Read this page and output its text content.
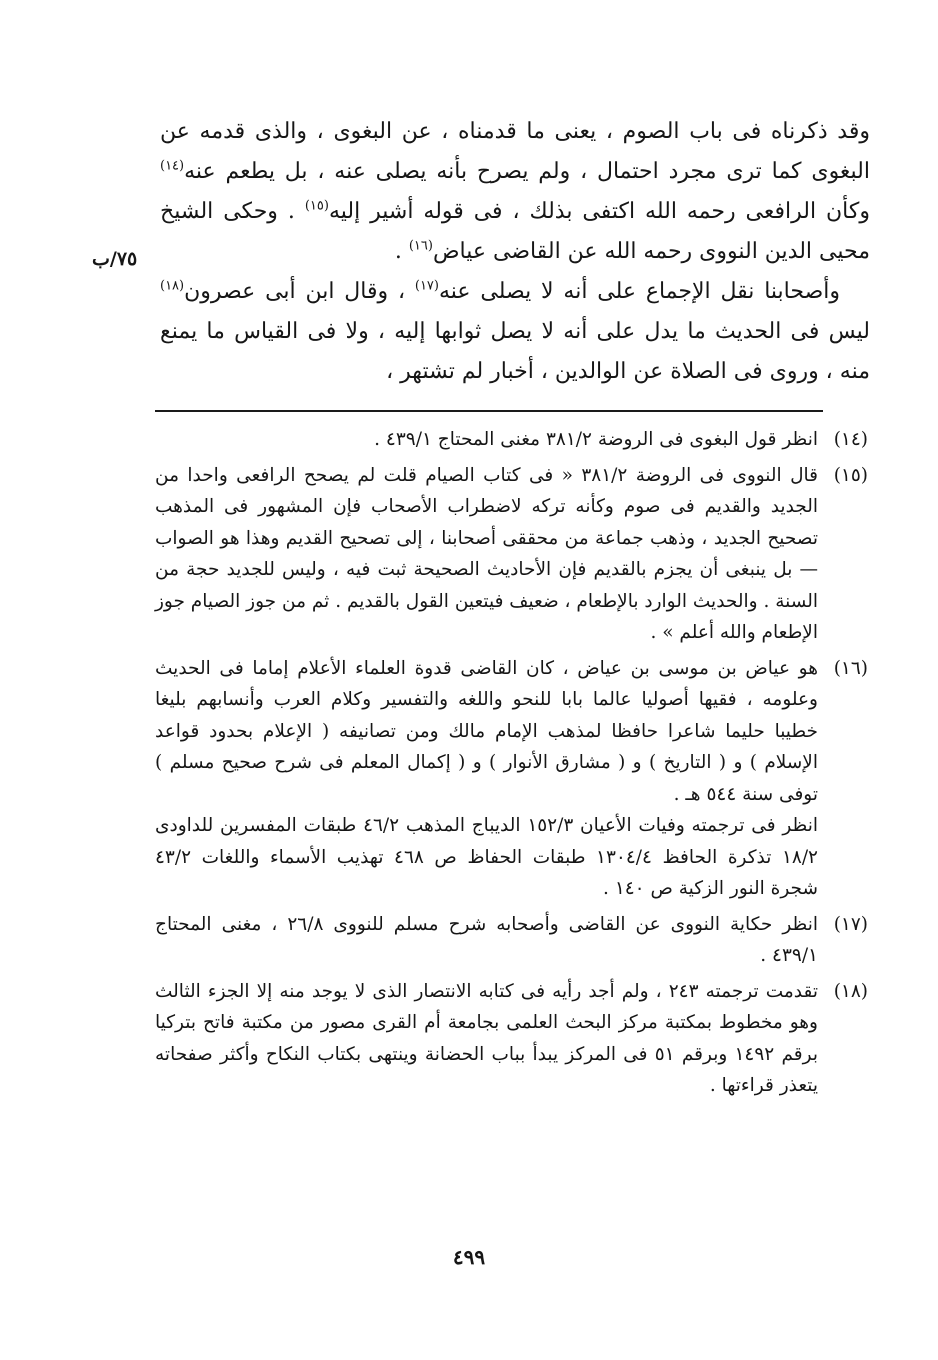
وقد ذكرناه فى باب الصوم ، يعنى ما قدمناه ، عن البغوى ، والذى قدمه عن البغوى كما ترى مجرد احتمال ، ولم يصرح بأنه يصلى عنه ، بل يطعم عنه$^{(١٤)}$ وكأن الرافعى رحمه الله اكتفى بذلك ، فى قوله أشير إليه$^{(١٥)}$ . وحكى الشيخ محيى الدين النووى رحمه الله عن القاضى عياض$^{(١٦)}$ .

وأصحابنا نقل الإجماع على أنه لا يصلى عنه$^{(١٧)}$ ، وقال ابن أبى عصرون$^{(١٨)}$ ليس فى الحديث ما يدل على أنه لا يصل ثوابها إليه ، ولا فى القياس ما يمنع منه ، وروى فى الصلاة عن الوالدين ، أخبار لم تشتهر ،

٧٥/ب
(١٤)

انظر قول البغوى فى الروضة ٣٨١/٢ مغنى المحتاج ٤٣٩/١ .

(١٥)

قال النووى فى الروضة ٣٨١/٢ « فى كتاب الصيام قلت لم يصحح الرافعى واحدا من الجديد والقديم فى صوم وكأنه تركه لاضطراب الأصحاب فإن المشهور فى المذهب تصحيح الجديد ، وذهب جماعة من محققى أصحابنا ، إلى تصحيح القديم وهذا هو الصواب — بل ينبغى أن يجزم بالقديم فإن الأحاديث الصحيحة ثبت فيه ، وليس للجديد حجة من السنة . والحديث الوارد بالإطعام ، ضعيف فيتعين القول بالقديم . ثم من جوز الصيام جوز الإطعام والله أعلم » .

(١٦)

هو عياض بن موسى بن عياض ، كان القاضى قدوة العلماء الأعلام إماما فى الحديث وعلومه ، فقيها أصوليا عالما بابا للنحو واللغه والتفسير وكلام العرب وأنسابهم بليغا خطيبا حليما شاعرا حافظا لمذهب الإمام مالك ومن تصانيفه ( الإعلام بحدود قواعد الإسلام ) و ( التاريخ ) و ( مشارق الأنوار ) و ( إكمال المعلم فى شرح صحيح مسلم ) توفى سنة ٥٤٤ هـ .

انظر فى ترجمته وفيات الأعيان ١٥٢/٣ الديباج المذهب ٤٦/٢ طبقات المفسرين للداودى ١٨/٢ تذكرة الحافظ ١٣٠٤/٤ طبقات الحفاظ ص ٤٦٨ تهذيب الأسماء واللغات ٤٣/٢ شجرة النور الزكية ص ١٤٠ .

(١٧)

انظر حكاية النووى عن القاضى وأصحابه شرح مسلم للنووى ٢٦/٨ ، مغنى المحتاج ٤٣٩/١ .

(١٨)

تقدمت ترجمته ٢٤٣ ، ولم أجد رأيه فى كتابه الانتصار الذى لا يوجد منه إلا الجزء الثالث وهو مخطوط بمكتبة مركز البحث العلمى بجامعة أم القرى مصور من مكتبة فاتح بتركيا برقم ١٤٩٢ وبرقم ٥١ فى المركز يبدأ بباب الحضانة وينتهى بكتاب النكاح وأكثر صفحاته يتعذر قراءتها .

٤٩٩
